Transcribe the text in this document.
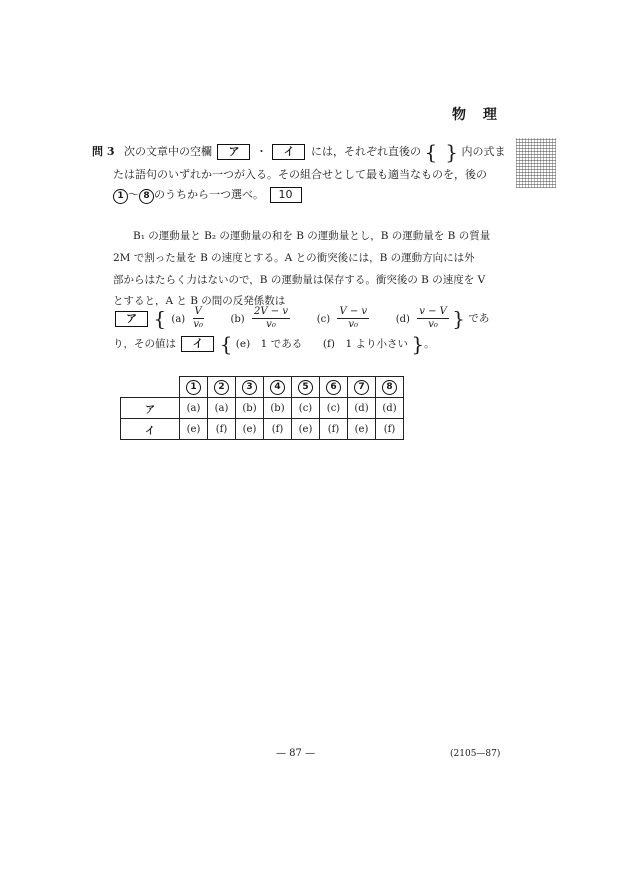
物 理
問 3 次の文章中の空欄 ア ・ イ には，それぞれ直後の { } 内の式ま
たは語句のいずれか一つが入る。その組合せとして最も適当なものを，後の
1 〜 8 のうちから一つ選べ。 10
B₁ の運動量と B₂ の運動量の和を B の運動量とし，B の運動量を B の質量
2M で割った量を B の速度とする。A との衝突後には，B の運動方向には外
部からはたらく力はないので，B の運動量は保存する。衝突後の B の速度を V
とすると，A と B の間の反発係数は
ア { $(a) \frac{V}{\text{v₀}}$	$(b) \frac{2V - v}{\text{v₀}}$	$(c) \frac{V - v}{\text{v₀}}$	$(d) \frac{v - V}{\text{v₀}}$ } であ
り，その値は イ { (e)　1 である (f)　1 より小さい }。
	1	2	3	4	5	6	7	8
ア	(a)	(a)	(b)	(b)	(c)	(c)	(d)	(d)
イ	(e)	(f)	(e)	(f)	(e)	(f)	(e)	(f)
— 87 —	(2105—87)
